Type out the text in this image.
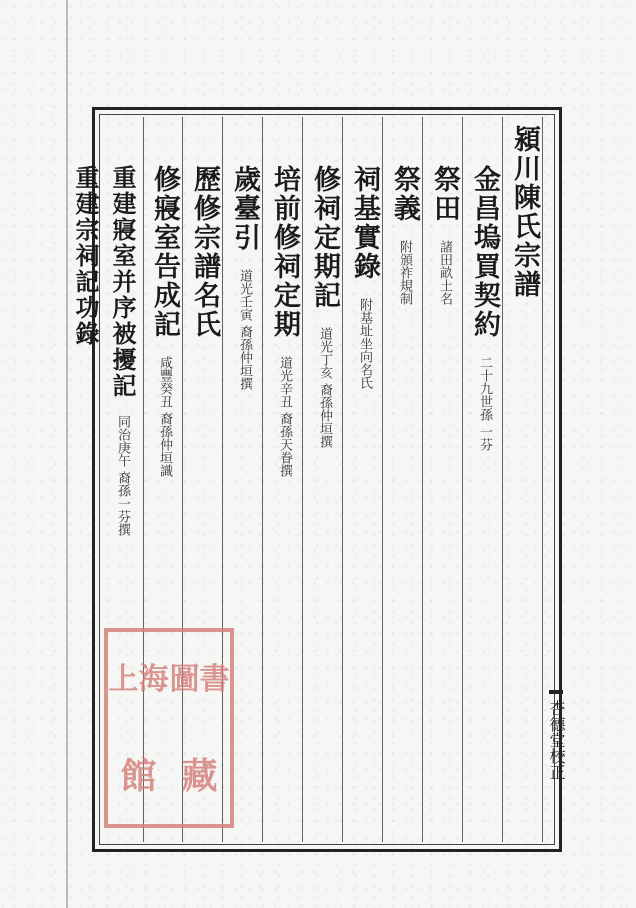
潁川陳氏宗譜
金昌塢買契約 二十九世孫 一芬
祭田 諸田畝土名
祭義 附頒祚規制
祠基實錄 附基址坐向名氏
修祠定期記 道光丁亥 裔孫仲垣撰
培前修祠定期 道光辛丑 裔孫天眷撰
歲臺引 道光壬寅 裔孫仲垣撰
歷修宗譜名氏
修寢室告成記 咸豐癸丑 裔孫仲垣識
重建寢室并序被擾記 同治庚午 裔孫一芬撰
重建宗祠記功錄
杏德堂校正
上海 圖書
館 藏
